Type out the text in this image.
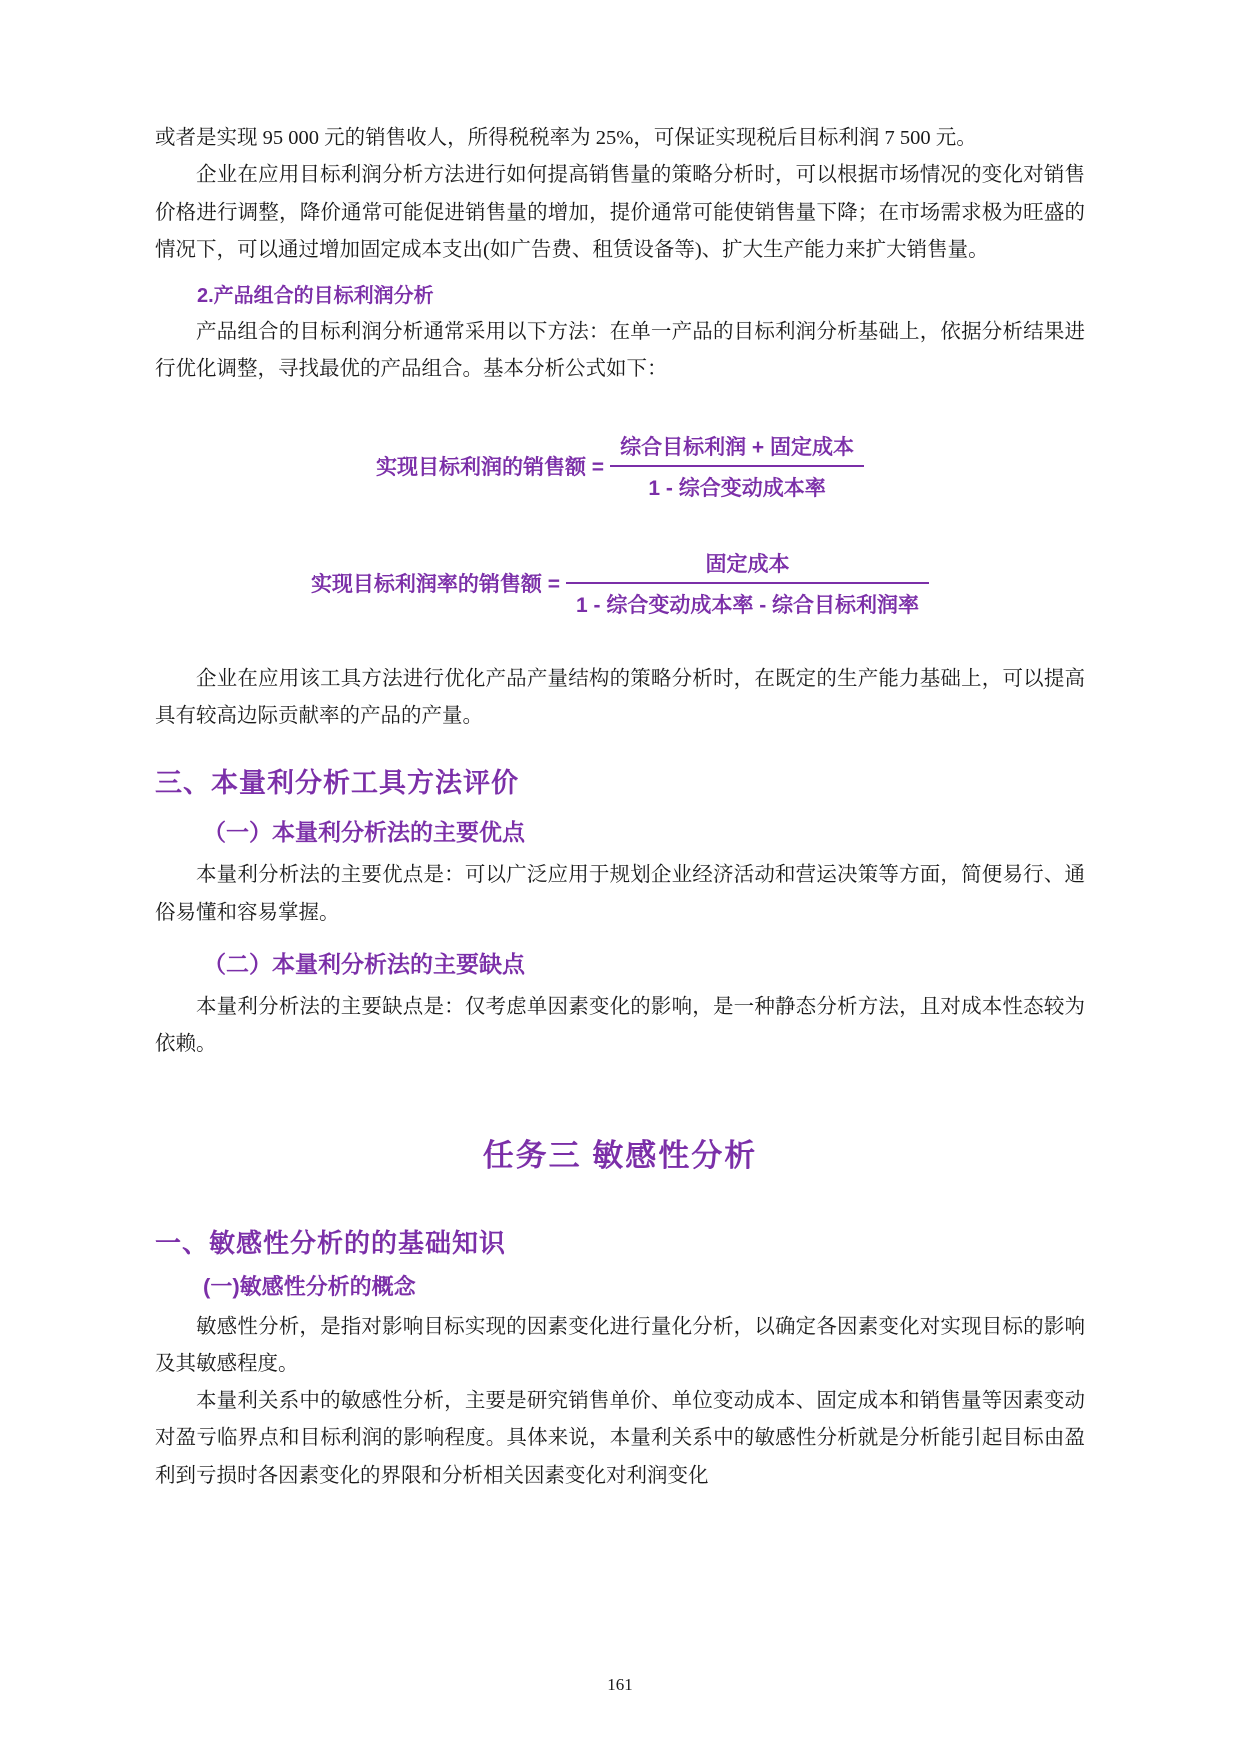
或者是实现 95 000 元的销售收人，所得税税率为 25%，可保证实现税后目标利润 7 500 元。

企业在应用目标利润分析方法进行如何提高销售量的策略分析时，可以根据市场情况的变化对销售价格进行调整，降价通常可能促进销售量的增加，提价通常可能使销售量下降；在市场需求极为旺盛的情况下，可以通过增加固定成本支出(如广告费、租赁设备等)、扩大生产能力来扩大销售量。

2.产品组合的目标利润分析

产品组合的目标利润分析通常采用以下方法：在单一产品的目标利润分析基础上，依据分析结果进行优化调整，寻找最优的产品组合。基本分析公式如下：

实现目标利润的销售额 = $\frac{\text{综合目标利润 + 固定成本}}{\text{1 - 综合变动成本率}}$
实现目标利润率的销售额 = $\frac{\text{固定成本}}{\text{1 - 综合变动成本率 - 综合目标利润率}}$

企业在应用该工具方法进行优化产品产量结构的策略分析时，在既定的生产能力基础上，可以提高具有较高边际贡献率的产品的产量。

三、本量利分析工具方法评价
（一）本量利分析法的主要优点

本量利分析法的主要优点是：可以广泛应用于规划企业经济活动和营运决策等方面，简便易行、通俗易懂和容易掌握。

（二）本量利分析法的主要缺点

本量利分析法的主要缺点是：仅考虑单因素变化的影响，是一种静态分析方法，且对成本性态较为依赖。

任务三 敏感性分析
一、敏感性分析的的基础知识
(一)敏感性分析的概念

敏感性分析，是指对影响目标实现的因素变化进行量化分析，以确定各因素变化对实现目标的影响及其敏感程度。

本量利关系中的敏感性分析，主要是研究销售单价、单位变动成本、固定成本和销售量等因素变动对盈亏临界点和目标利润的影响程度。具体来说，本量利关系中的敏感性分析就是分析能引起目标由盈利到亏损时各因素变化的界限和分析相关因素变化对利润变化

161
